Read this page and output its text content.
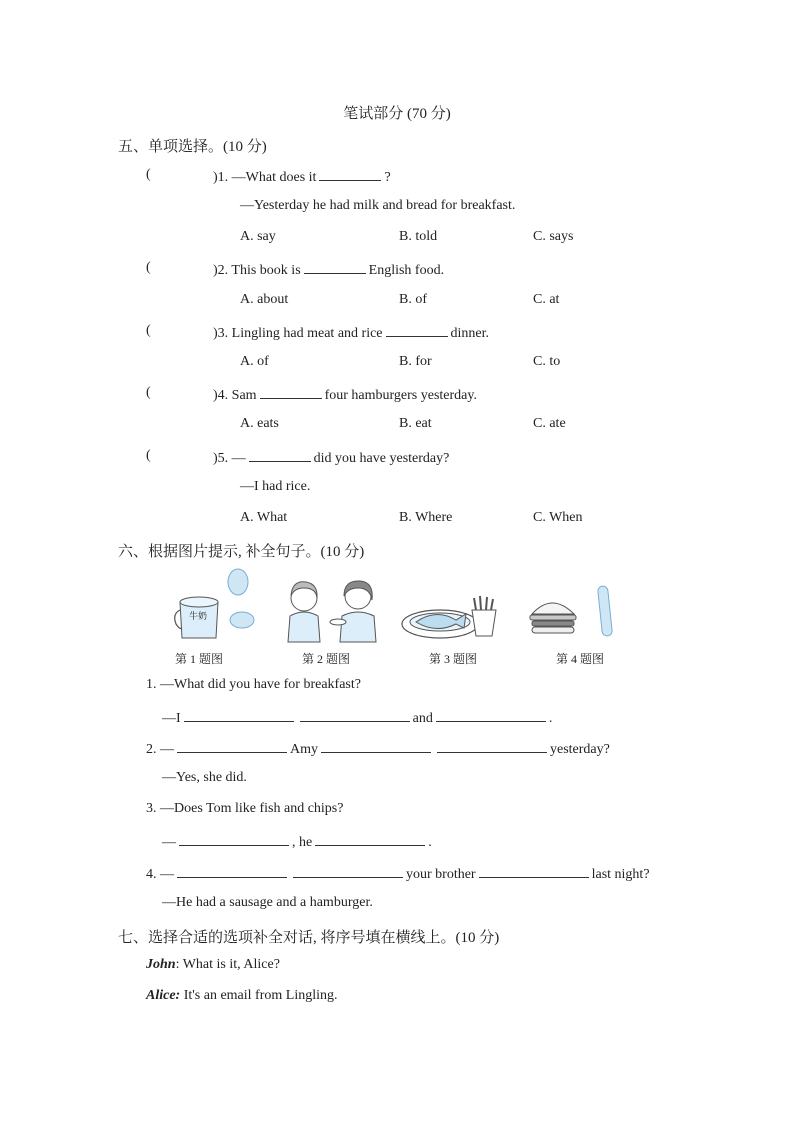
笔试部分 (70 分)
五、单项选择。(10 分)
(	)1. —What does it	?
—Yesterday he had milk and bread for breakfast.
A. say	B. told	C. says
(	)2. This book is	English food.
A. about	B. of	C. at
(	)3. Lingling had meat and rice	dinner.
A. of	B. for	C. to
(	)4. Sam	four hamburgers yesterday.
A. eats	B. eat	C. ate
(	)5. —	did you have yesterday?
—I had rice.
A. What	B. Where	C. When
六、根据图片提示, 补全句子。(10 分)
牛奶
第 1 题图	第 2 题图	第 3 题图	第 4 题图
1. —What did you have for breakfast?
—I	and	.
2. —	Amy	yesterday?
—Yes, she did.
3. —Does Tom like fish and chips?
—	, he	.
4. —	your brother	last night?
—He had a sausage and a hamburger.
七、选择合适的选项补全对话, 将序号填在横线上。(10 分)
John: What is it, Alice?
Alice: It's an email from Lingling.
